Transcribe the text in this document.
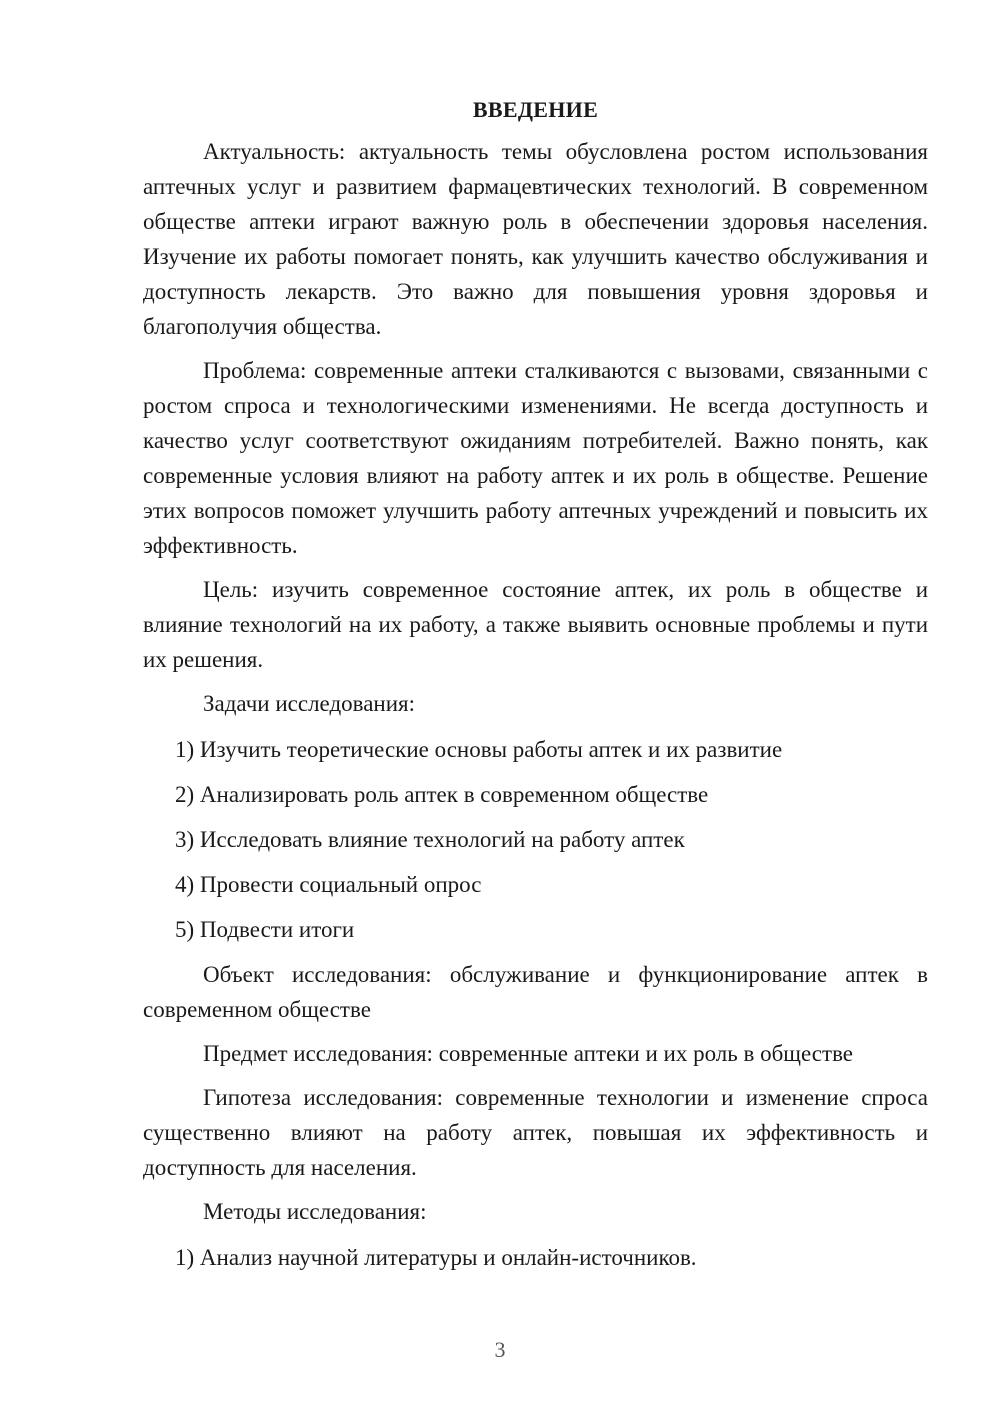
ВВЕДЕНИЕ

Актуальность: актуальность темы обусловлена ростом использования аптечных услуг и развитием фармацевтических технологий. В современном обществе аптеки играют важную роль в обеспечении здоровья населения. Изучение их работы помогает понять, как улучшить качество обслуживания и доступность лекарств. Это важно для повышения уровня здоровья и благополучия общества.

Проблема: современные аптеки сталкиваются с вызовами, связанными с ростом спроса и технологическими изменениями. Не всегда доступность и качество услуг соответствуют ожиданиям потребителей. Важно понять, как современные условия влияют на работу аптек и их роль в обществе. Решение этих вопросов поможет улучшить работу аптечных учреждений и повысить их эффективность.

Цель: изучить современное состояние аптек, их роль в обществе и влияние технологий на их работу, а также выявить основные проблемы и пути их решения.

Задачи исследования:

1) Изучить теоретические основы работы аптек и их развитие

2) Анализировать роль аптек в современном обществе

3) Исследовать влияние технологий на работу аптек

4) Провести социальный опрос

5) Подвести итоги

Объект исследования: обслуживание и функционирование аптек в современном обществе

Предмет исследования: современные аптеки и их роль в обществе

Гипотеза исследования: современные технологии и изменение спроса существенно влияют на работу аптек, повышая их эффективность и доступность для населения.

Методы исследования:

1) Анализ научной литературы и онлайн-источников.

3
